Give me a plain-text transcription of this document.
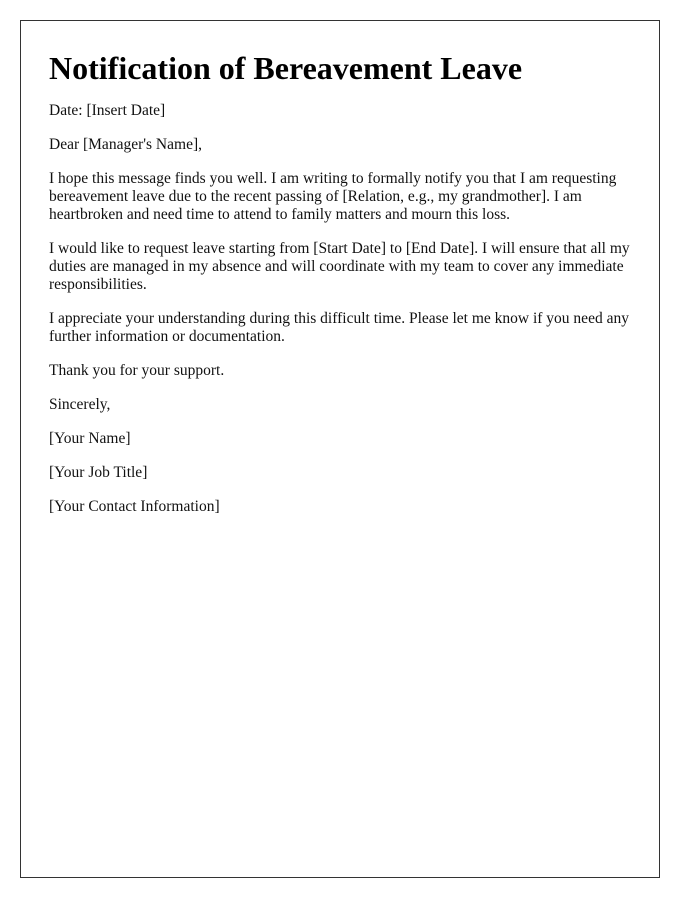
Notification of Bereavement Leave

Date: [Insert Date]

Dear [Manager's Name],

I hope this message finds you well. I am writing to formally notify you that I am requesting bereavement leave due to the recent passing of [Relation, e.g., my grandmother]. I am heartbroken and need time to attend to family matters and mourn this loss.

I would like to request leave starting from [Start Date] to [End Date]. I will ensure that all my duties are managed in my absence and will coordinate with my team to cover any immediate responsibilities.

I appreciate your understanding during this difficult time. Please let me know if you need any further information or documentation.

Thank you for your support.

Sincerely,

[Your Name]

[Your Job Title]

[Your Contact Information]
